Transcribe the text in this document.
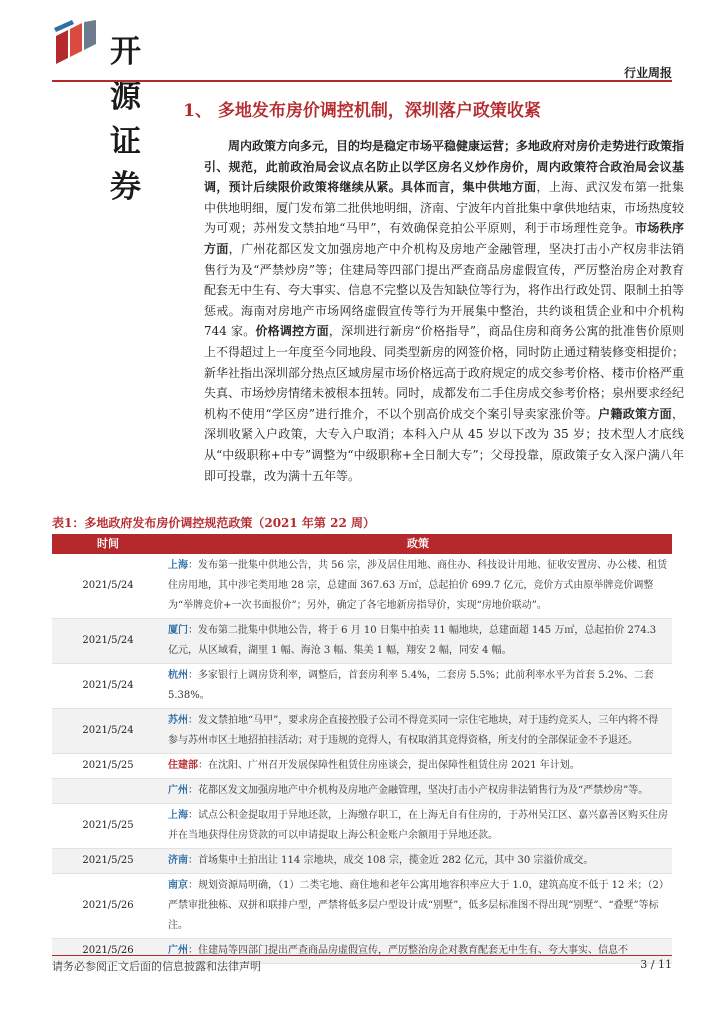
开源证券
行业周报
1、 多地发布房价调控机制，深圳落户政策收紧
周内政策方向多元，目的均是稳定市场平稳健康运营；多地政府对房价走势进行政策指引、规范，此前政治局会议点名防止以学区房名义炒作房价，周内政策符合政治局会议基调，预计后续限价政策将继续从紧。具体而言，集中供地方面，上海、武汉发布第一批集中供地明细，厦门发布第二批供地明细，济南、宁波年内首批集中拿供地结束，市场热度较为可观；苏州发文禁拍地“马甲”，有效确保竞拍公平原则，利于市场理性竞争。市场秩序方面，广州花都区发文加强房地产中介机构及房地产金融管理，坚决打击小产权房非法销售行为及“严禁炒房”等；住建局等四部门提出严查商品房虚假宣传，严厉整治房企对教育配套无中生有、夸大事实、信息不完整以及告知缺位等行为，将作出行政处罚、限制土拍等惩戒。海南对房地产市场网络虚假宣传等行为开展集中整治，共约谈租赁企业和中介机构 744 家。价格调控方面，深圳进行新房“价格指导”，商品住房和商务公寓的批准售价原则上不得超过上一年度至今同地段、同类型新房的网签价格，同时防止通过精装修变相提价；新华社指出深圳部分热点区域房屋市场价格远高于政府规定的成交参考价格、楼市价格严重失真、市场炒房情绪未被根本扭转。同时，成都发布二手住房成交参考价格；泉州要求经纪机构不使用“学区房”进行推介，不以个别高价成交个案引导卖家涨价等。户籍政策方面，深圳收紧入户政策，大专入户取消；本科入户从 45 岁以下改为 35 岁；技术型人才底线从“中级职称+中专”调整为“中级职称+全日制大专”；父母投靠，原政策子女入深户满八年即可投靠，改为满十五年等。
表1：多地政府发布房价调控规范政策（2021 年第 22 周）
时间	政策
2021/5/24	上海：发布第一批集中供地公告，共 56 宗，涉及居住用地、商住办、科技设计用地、征收安置房、办公楼、租赁住房用地，其中涉宅类用地 28 宗，总建面 367.63 万㎡，总起拍价 699.7 亿元，竞价方式由原举牌竞价调整为“举牌竞价+一次书面报价”；另外，确定了各宅地新房指导价，实现“房地价联动”。
2021/5/24	厦门：发布第二批集中供地公告，将于 6 月 10 日集中拍卖 11 幅地块，总建面超 145 万㎡，总起拍价 274.3 亿元，从区域看，湖里 1 幅、海沧 3 幅、集美 1 幅，翔安 2 幅，同安 4 幅。
2021/5/24	杭州：多家银行上调房贷利率，调整后，首套房利率 5.4%，二套房 5.5%；此前利率水平为首套 5.2%、二套 5.38%。
2021/5/24	苏州：发文禁拍地“马甲”，要求房企直接控股子公司不得竞买同一宗住宅地块，对于违约竞买人，三年内将不得参与苏州市区土地招拍挂活动；对于违规的竞得人，有权取消其竞得资格，所支付的全部保证金不予退还。
2021/5/25	住建部：在沈阳、广州召开发展保障性租赁住房座谈会，提出保障性租赁住房 2021 年计划。
	广州：花都区发文加强房地产中介机构及房地产金融管理，坚决打击小产权房非法销售行为及“严禁炒房”等。
2021/5/25	上海：试点公积金提取用于异地还款，上海缴存职工，在上海无自有住房的，于苏州吴江区、嘉兴嘉善区购买住房并在当地获得住房贷款的可以申请提取上海公积金账户余额用于异地还款。
2021/5/25	济南：首场集中土拍出让 114 宗地块，成交 108 宗，揽金近 282 亿元，其中 30 宗溢价成交。
2021/5/26	南京：规划资源局明确，（1）二类宅地、商住地和老年公寓用地容积率应大于 1.0，建筑高度不低于 12 米；（2）严禁审批独栋、双拼和联排户型，严禁将低多层户型设计成“别墅”，低多层标准图不得出现“别墅”、“叠墅”等标注。
2021/5/26	广州：住建局等四部门提出严查商品房虚假宣传，严厉整治房企对教育配套无中生有、夸大事实、信息不
请务必参阅正文后面的信息披露和法律声明	3 / 11
